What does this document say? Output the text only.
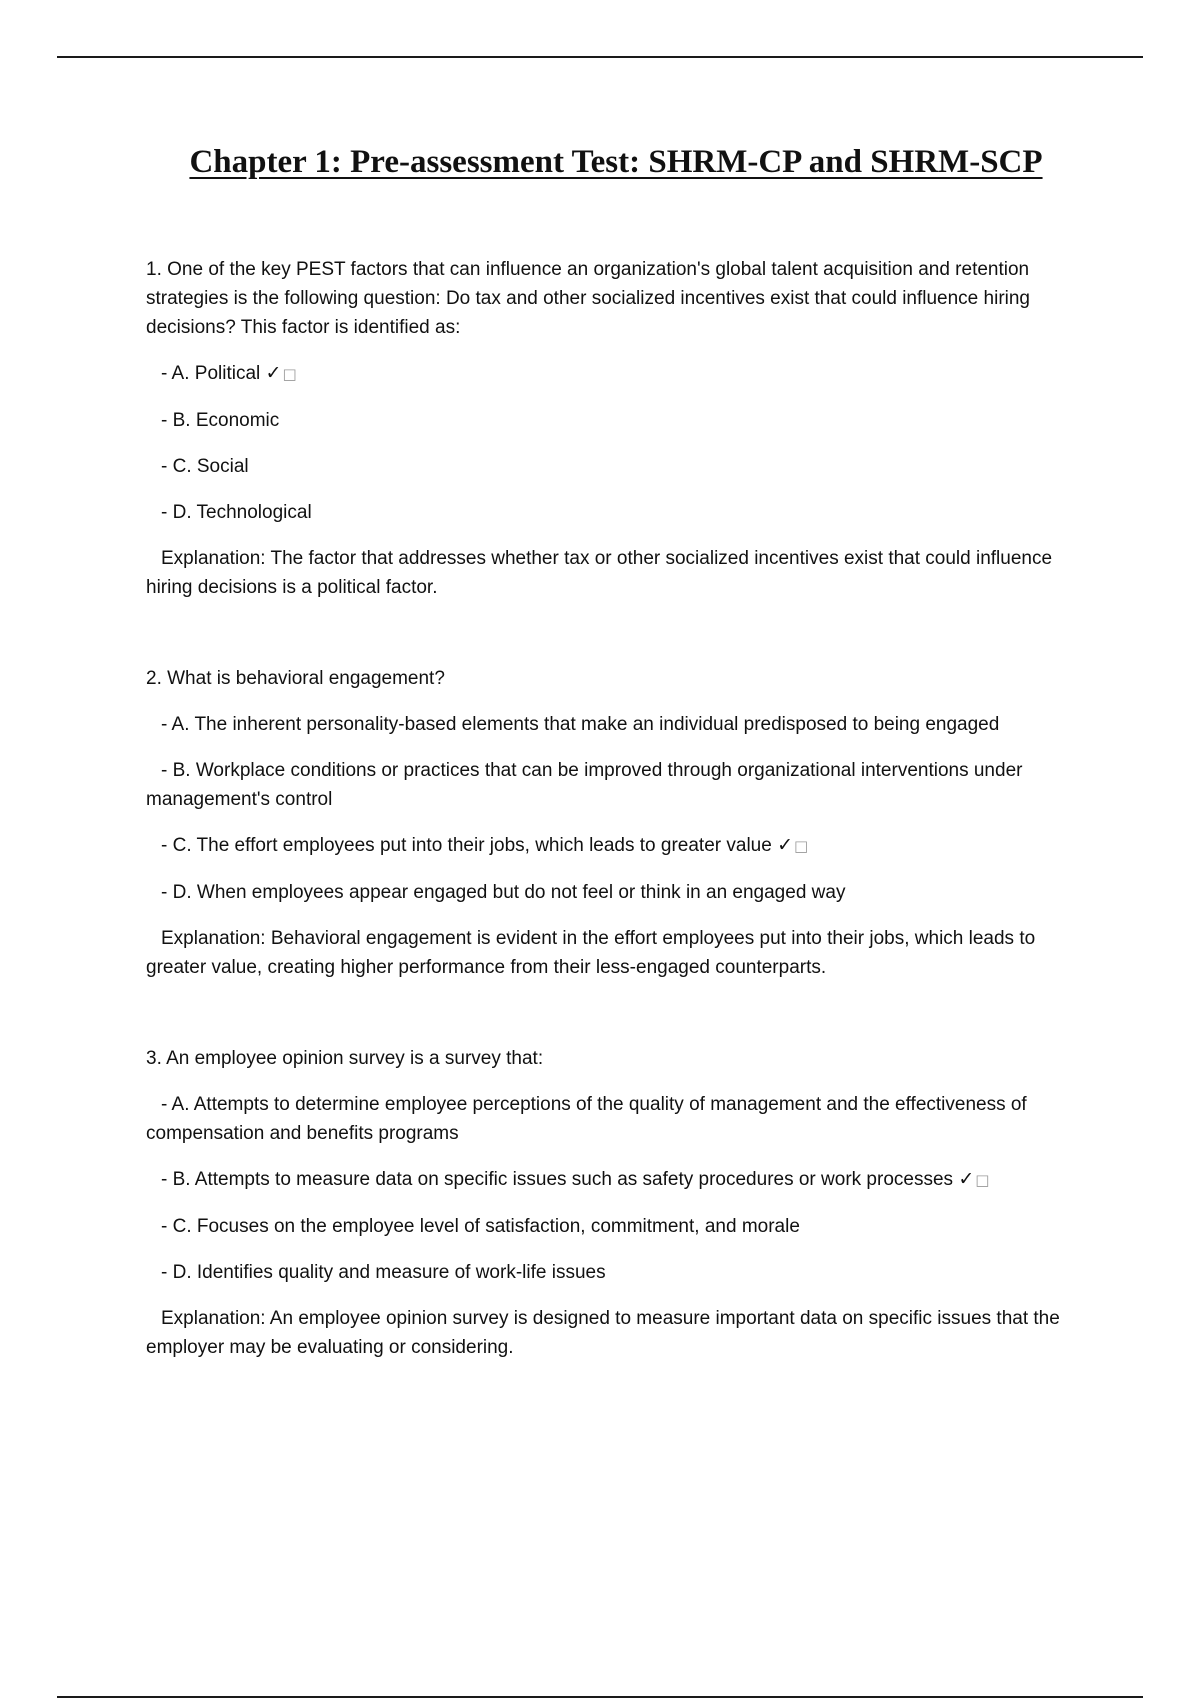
Chapter 1: Pre-assessment Test: SHRM-CP and SHRM-SCP

1. One of the key PEST factors that can influence an organization's global talent acquisition and retention strategies is the following question: Do tax and other socialized incentives exist that could influence hiring decisions? This factor is identified as:

- A. Political ✓□

- B. Economic

- C. Social

- D. Technological

Explanation: The factor that addresses whether tax or other socialized incentives exist that could influence hiring decisions is a political factor.

2. What is behavioral engagement?

- A. The inherent personality-based elements that make an individual predisposed to being engaged

- B. Workplace conditions or practices that can be improved through organizational interventions under management's control

- C. The effort employees put into their jobs, which leads to greater value ✓□

- D. When employees appear engaged but do not feel or think in an engaged way

Explanation: Behavioral engagement is evident in the effort employees put into their jobs, which leads to greater value, creating higher performance from their less-engaged counterparts.

3. An employee opinion survey is a survey that:

- A. Attempts to determine employee perceptions of the quality of management and the effectiveness of compensation and benefits programs

- B. Attempts to measure data on specific issues such as safety procedures or work processes ✓□

- C. Focuses on the employee level of satisfaction, commitment, and morale

- D. Identifies quality and measure of work-life issues

Explanation: An employee opinion survey is designed to measure important data on specific issues that the employer may be evaluating or considering.
